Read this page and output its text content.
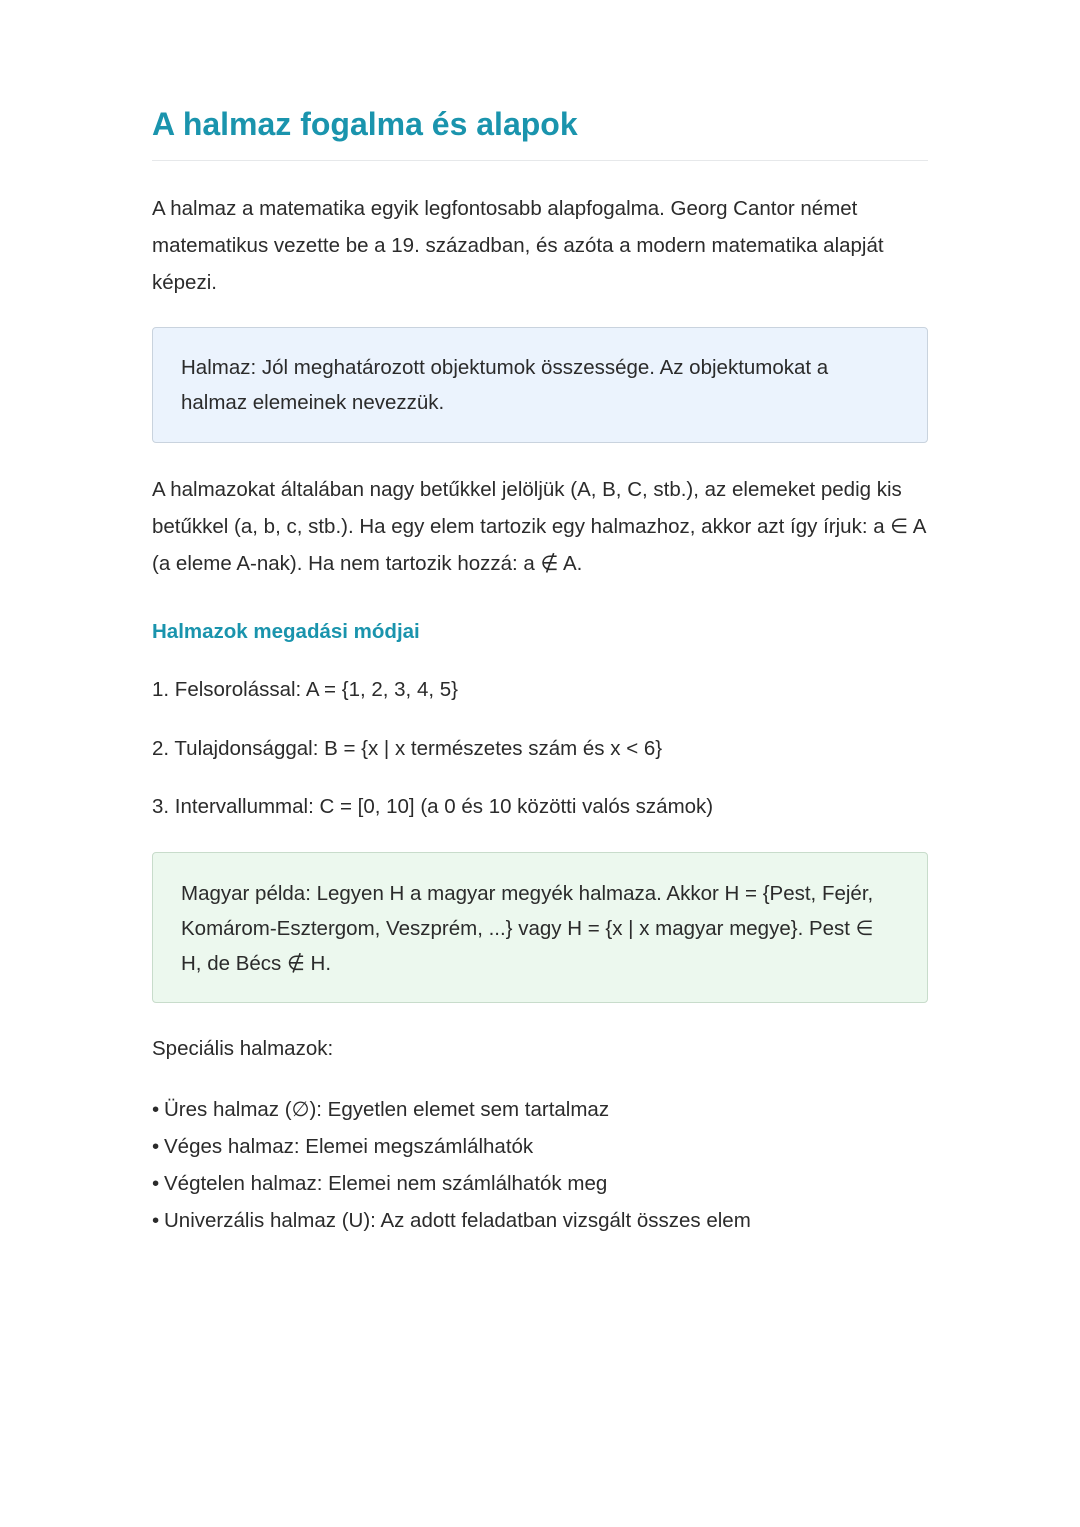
A halmaz fogalma és alapok

A halmaz a matematika egyik legfontosabb alapfogalma. Georg Cantor német matematikus vezette be a 19. században, és azóta a modern matematika alapját képezi.

Halmaz: Jól meghatározott objektumok összessége. Az objektumokat a halmaz elemeinek nevezzük.

A halmazokat általában nagy betűkkel jelöljük (A, B, C, stb.), az elemeket pedig kis betűkkel (a, b, c, stb.). Ha egy elem tartozik egy halmazhoz, akkor azt így írjuk: a ∈ A (a eleme A-nak). Ha nem tartozik hozzá: a ∉ A.

Halmazok megadási módjai

1. Felsorolással: A = {1, 2, 3, 4, 5}

2. Tulajdonsággal: B = {x | x természetes szám és x < 6}

3. Intervallummal: C = [0, 10] (a 0 és 10 közötti valós számok)

Magyar példa: Legyen H a magyar megyék halmaza. Akkor H = {Pest, Fejér, Komárom-Esztergom, Veszprém, ...} vagy H = {x | x magyar megye}. Pest ∈ H, de Bécs ∉ H.

Speciális halmazok:

• Üres halmaz (∅): Egyetlen elemet sem tartalmaz
• Véges halmaz: Elemei megszámlálhatók
• Végtelen halmaz: Elemei nem számlálhatók meg
• Univerzális halmaz (U): Az adott feladatban vizsgált összes elem
